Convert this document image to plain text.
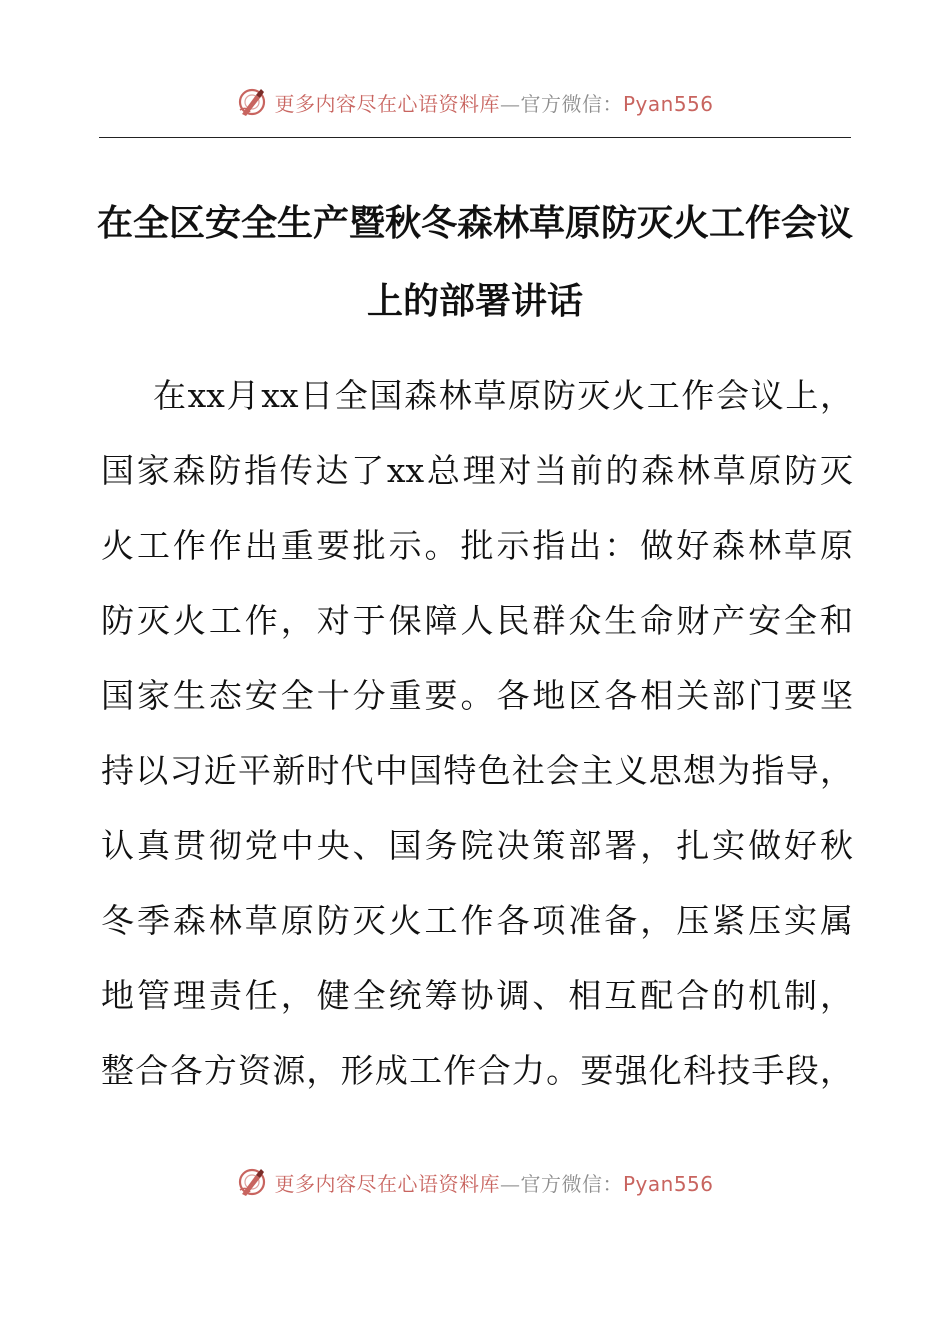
更多内容尽在心语资料库 — 官方微信： Pyan556
在全区安全生产暨秋冬森林草原防灭火工作会议
上的部署讲话
在xx月xx日全国森林草原防灭火工作会议上，
国家森防指传达了xx总理对当前的森林草原防灭
火工作作出重要批示。批示指出：做好森林草原
防灭火工作，对于保障人民群众生命财产安全和
国家生态安全十分重要。各地区各相关部门要坚
持以习近平新时代中国特色社会主义思想为指导，
认真贯彻党中央、国务院决策部署，扎实做好秋
冬季森林草原防灭火工作各项准备，压紧压实属
地管理责任，健全统筹协调、相互配合的机制，
整合各方资源，形成工作合力。要强化科技手段，
更多内容尽在心语资料库 — 官方微信： Pyan556
